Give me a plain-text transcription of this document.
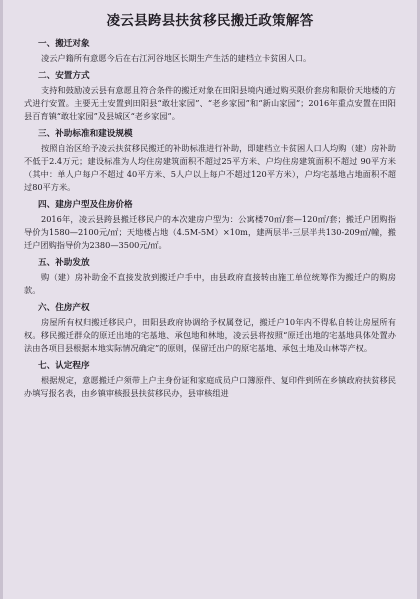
凌云县跨县扶贫移民搬迁政策解答
一、搬迁对象

凌云户籍所有意愿今后在右江河谷地区长期生产生活的建档立卡贫困人口。

二、安置方式

支持和鼓励凌云县有意愿且符合条件的搬迁对象在田阳县境内通过购买限价套房和限价天地楼的方式进行安置。主要无土安置到田阳县“敢壮家园”、“老乡家园”和“新山家园”；2016年重点安置在田阳县百育镇“敢壮家园”及县城区“老乡家园”。

三、补助标准和建设规模

按照自治区给予凌云扶贫移民搬迁的补助标准进行补助，即建档立卡贫困人口人均购（建）房补助不低于2.4万元；建设标准为人均住房建筑面积不超过25平方米、户均住房建筑面积不超过 90平方米（其中：单人户每户不超过 40平方米、5人户以上每户不超过120平方米），户均宅基地占地面积不超过80平方米。

四、建房户型及住房价格

2016年，凌云县跨县搬迁移民户的本次建房户型为：公寓楼70㎡/套—120㎡/套；搬迁户团购指导价为1580—2100元/㎡；天地楼占地（4.5M-5M）×10m，建两层半-三层半共130-209㎡/幢，搬迁户团购指导价为2380—3500元/㎡。

五、补助发放

购（建）房补助金不直接发放到搬迁户手中，由县政府直接转由施工单位统筹作为搬迁户的购房款。

六、住房产权

房屋所有权归搬迁移民户，田阳县政府协调给予权属登记，搬迁户10年内不得私自转让房屋所有权。移民搬迁群众的原迁出地的宅基地、承包地和林地，凌云县将按照“原迁出地的宅基地具体处置办法由各项目县根据本地实际情况确定”的原则，保留迁出户的原宅基地、承包土地及山林等产权。

七、认定程序

根据规定，意愿搬迁户须带上户主身份证和家庭成员户口簿原件、复印件到所在乡镇政府扶贫移民办填写报名表，由乡镇审核报县扶贫移民办，县审核组进
